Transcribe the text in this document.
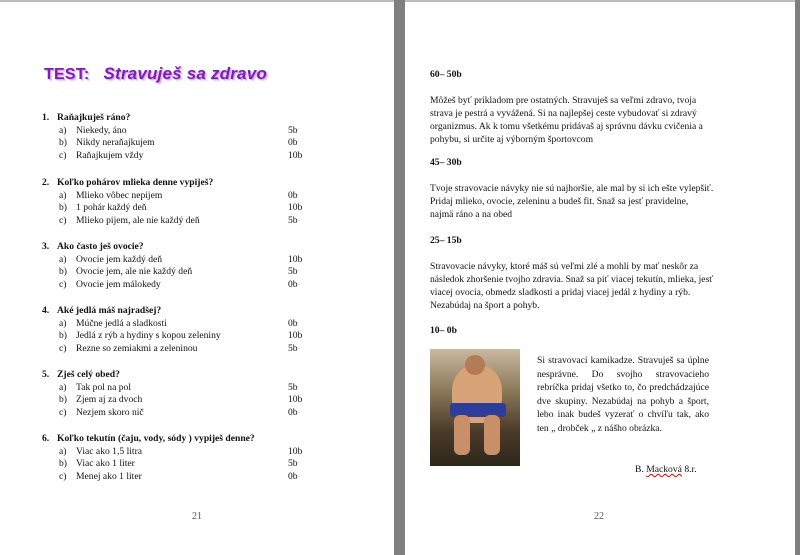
TEST: Stravuješ sa zdravo
1. Raňajkuješ ráno?
a) Niekedy, áno	5b
b) Nikdy neraňajkujem	0b
c) Raňajkujem vždy	10b
2. Koľko pohárov mlieka denne vypiješ?
a) Mlieko vôbec nepijem	0b
b) 1 pohár každý deň	10b
c) Mlieko pijem, ale nie každý deň	5b
3. Ako často ješ ovocie?
a) Ovocie jem každý deň	10b
b) Ovocie jem, ale nie každý deň	5b
c) Ovocie jem málokedy	0b
4. Aké jedlá máš najradšej?
a) Múčne jedlá a sladkosti	0b
b) Jedlá z rýb a hydiny s kopou zeleniny	10b
c) Rezne so zemiakmi a zeleninou	5b
5. Zješ celý obed?
a) Tak pol na pol	5b
b) Zjem aj za dvoch	10b
c) Nezjem skoro nič	0b
6. Koľko tekutín (čaju, vody, sódy ) vypiješ denne?
a) Viac ako 1,5 litra	10b
b) Viac ako 1 liter	5b
c) Menej ako 1 liter	0b
21
60– 50b
Môžeš byť príkladom pre ostatných. Stravuješ sa veľmi zdravo, tvoja strava je pestrá a vyvážená. Si na najlepšej ceste vybudovať si zdravý organizmus. Ak k tomu všetkému pridávaš aj správnu dávku cvičenia a pohybu, si určite aj výborným športovcom
45– 30b
Tvoje stravovacie návyky nie sú najhoršie, ale mal by si ich ešte vylepšiť. Pridaj mlieko, ovocie, zeleninu a budeš fit. Snaž sa jesť pravidelne, najmä ráno a na obed
25– 15b
Stravovacie návyky, ktoré máš sú veľmi zlé a mohli by mať neskôr za následok zhoršenie tvojho zdravia. Snaž sa piť viacej tekutín, mlieka, jesť viacej ovocia, obmedz sladkosti a pridaj viacej jedál z hydiny a rýb. Nezabúdaj na šport a pohyb.
10– 0b
Si stravovací kamikadze. Stravuješ sa úplne nesprávne. Do svojho stravovacieho rebríčka pridaj všetko to, čo predchádzajúce dve skupiny. Nezabúdaj na pohyb a šport, lebo inak budeš vyzerať o chvíľu tak, ako ten „ drobček „ z nášho obrázka.
B. Macková 8.r.
22
